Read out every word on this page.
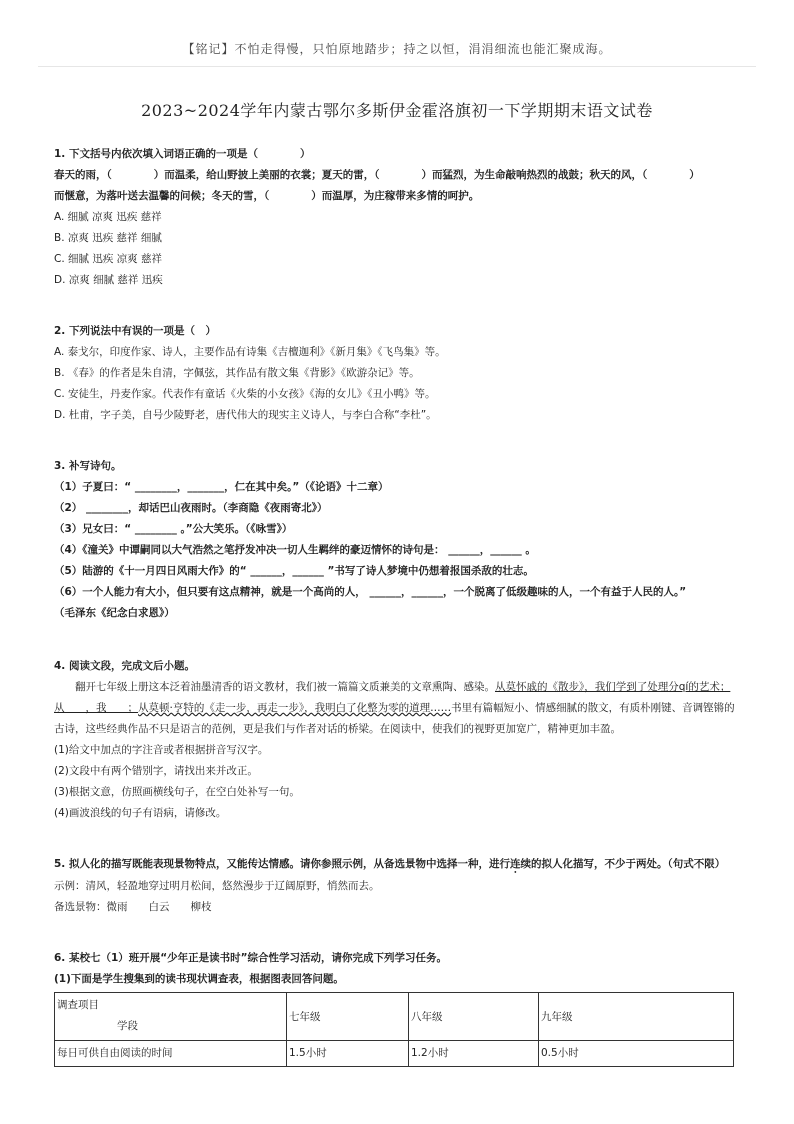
【铭记】不怕走得慢，只怕原地踏步；持之以恒，涓涓细流也能汇聚成海。
2023~2024学年内蒙古鄂尔多斯伊金霍洛旗初一下学期期末语文试卷
1. 下文括号内依次填入词语正确的一项是（　　　　）
春天的雨，（　　　　）而温柔，给山野披上美丽的衣裳；夏天的雷，（　　　　）而猛烈，为生命敲响热烈的战鼓；秋天的风，（　　　　）
而惬意，为落叶送去温馨的问候；冬天的雪，（　　　　）而温厚，为庄稼带来多情的呵护。
A. 细腻 凉爽 迅疾 慈祥
B. 凉爽 迅疾 慈祥 细腻
C. 细腻 迅疾 凉爽 慈祥
D. 凉爽 细腻 慈祥 迅疾
2. 下列说法中有误的一项是（　）
A. 泰戈尔，印度作家、诗人，主要作品有诗集《吉檀迦利》《新月集》《飞鸟集》等。
B. 《春》的作者是朱自清，字佩弦，其作品有散文集《背影》《欧游杂记》等。
C. 安徒生，丹麦作家。代表作有童话《火柴的小女孩》《海的女儿》《丑小鸭》等。
D. 杜甫，字子美，自号少陵野老，唐代伟大的现实主义诗人，与李白合称“李杜”。
3. 补写诗句。
（1）子夏曰：“ ________，_______，仁在其中矣。”（《论语》十二章）
（2） ________，却话巴山夜雨时。（李商隐《夜雨寄北》）
（3）兄女曰：“ ________ 。”公大笑乐。（《咏雪》）
（4）《潼关》中谭嗣同以大气浩然之笔抒发冲决一切人生羁绊的豪迈情怀的诗句是： ______，______ 。
（5）陆游的《十一月四日风雨大作》的“ ______，______ ”书写了诗人梦境中仍想着报国杀敌的壮志。
（6）一个人能力有大小，但只要有这点精神，就是一个高尚的人， ______，______，一个脱离了低级趣味的人，一个有益于人民的人。”
（毛泽东《纪念白求恩》）
4. 阅读文段，完成文后小题。
翻开七年级上册这本泛着油墨清香的语文教材，我们被一篇篇文质兼美的文章熏陶、感染。从莫怀戚的《散步》，我们学到了处理分qí的艺术；从　　，我　　；从莫顿·亨特的《走一步，再走一步》，我明白了化整为零的道理……书里有篇幅短小、情感细腻的散文，有质朴刚键、音调铿锵的古诗，这些经典作品不只是语言的范例，更是我们与作者对话的桥梁。在阅读中，使我们的视野更加宽广，精神更加丰盈。
(1)给文中加点的字注音或者根据拼音写汉字。
(2)文段中有两个错别字，请找出来并改正。
(3)根据文意，仿照画横线句子，在空白处补写一句。
(4)画波浪线的句子有语病，请修改。
5. 拟人化的描写既能表现景物特点，又能传达情感。请你参照示例，从备选景物中选择一种，进行连续的拟人化描写，不少于两处。（句式不限）
示例：清风，轻盈地穿过明月松间，悠然漫步于辽阔原野，悄然而去。
备选景物：微雨　　白云　　柳枝
6. 某校七（1）班开展“少年正是读书时”综合性学习活动，请你完成下列学习任务。
(1)下面是学生搜集到的读书现状调查表，根据图表回答问题。
调查项目
学段	七年级	八年级	九年级
每日可供自由阅读的时间	1.5小时	1.2小时	0.5小时
